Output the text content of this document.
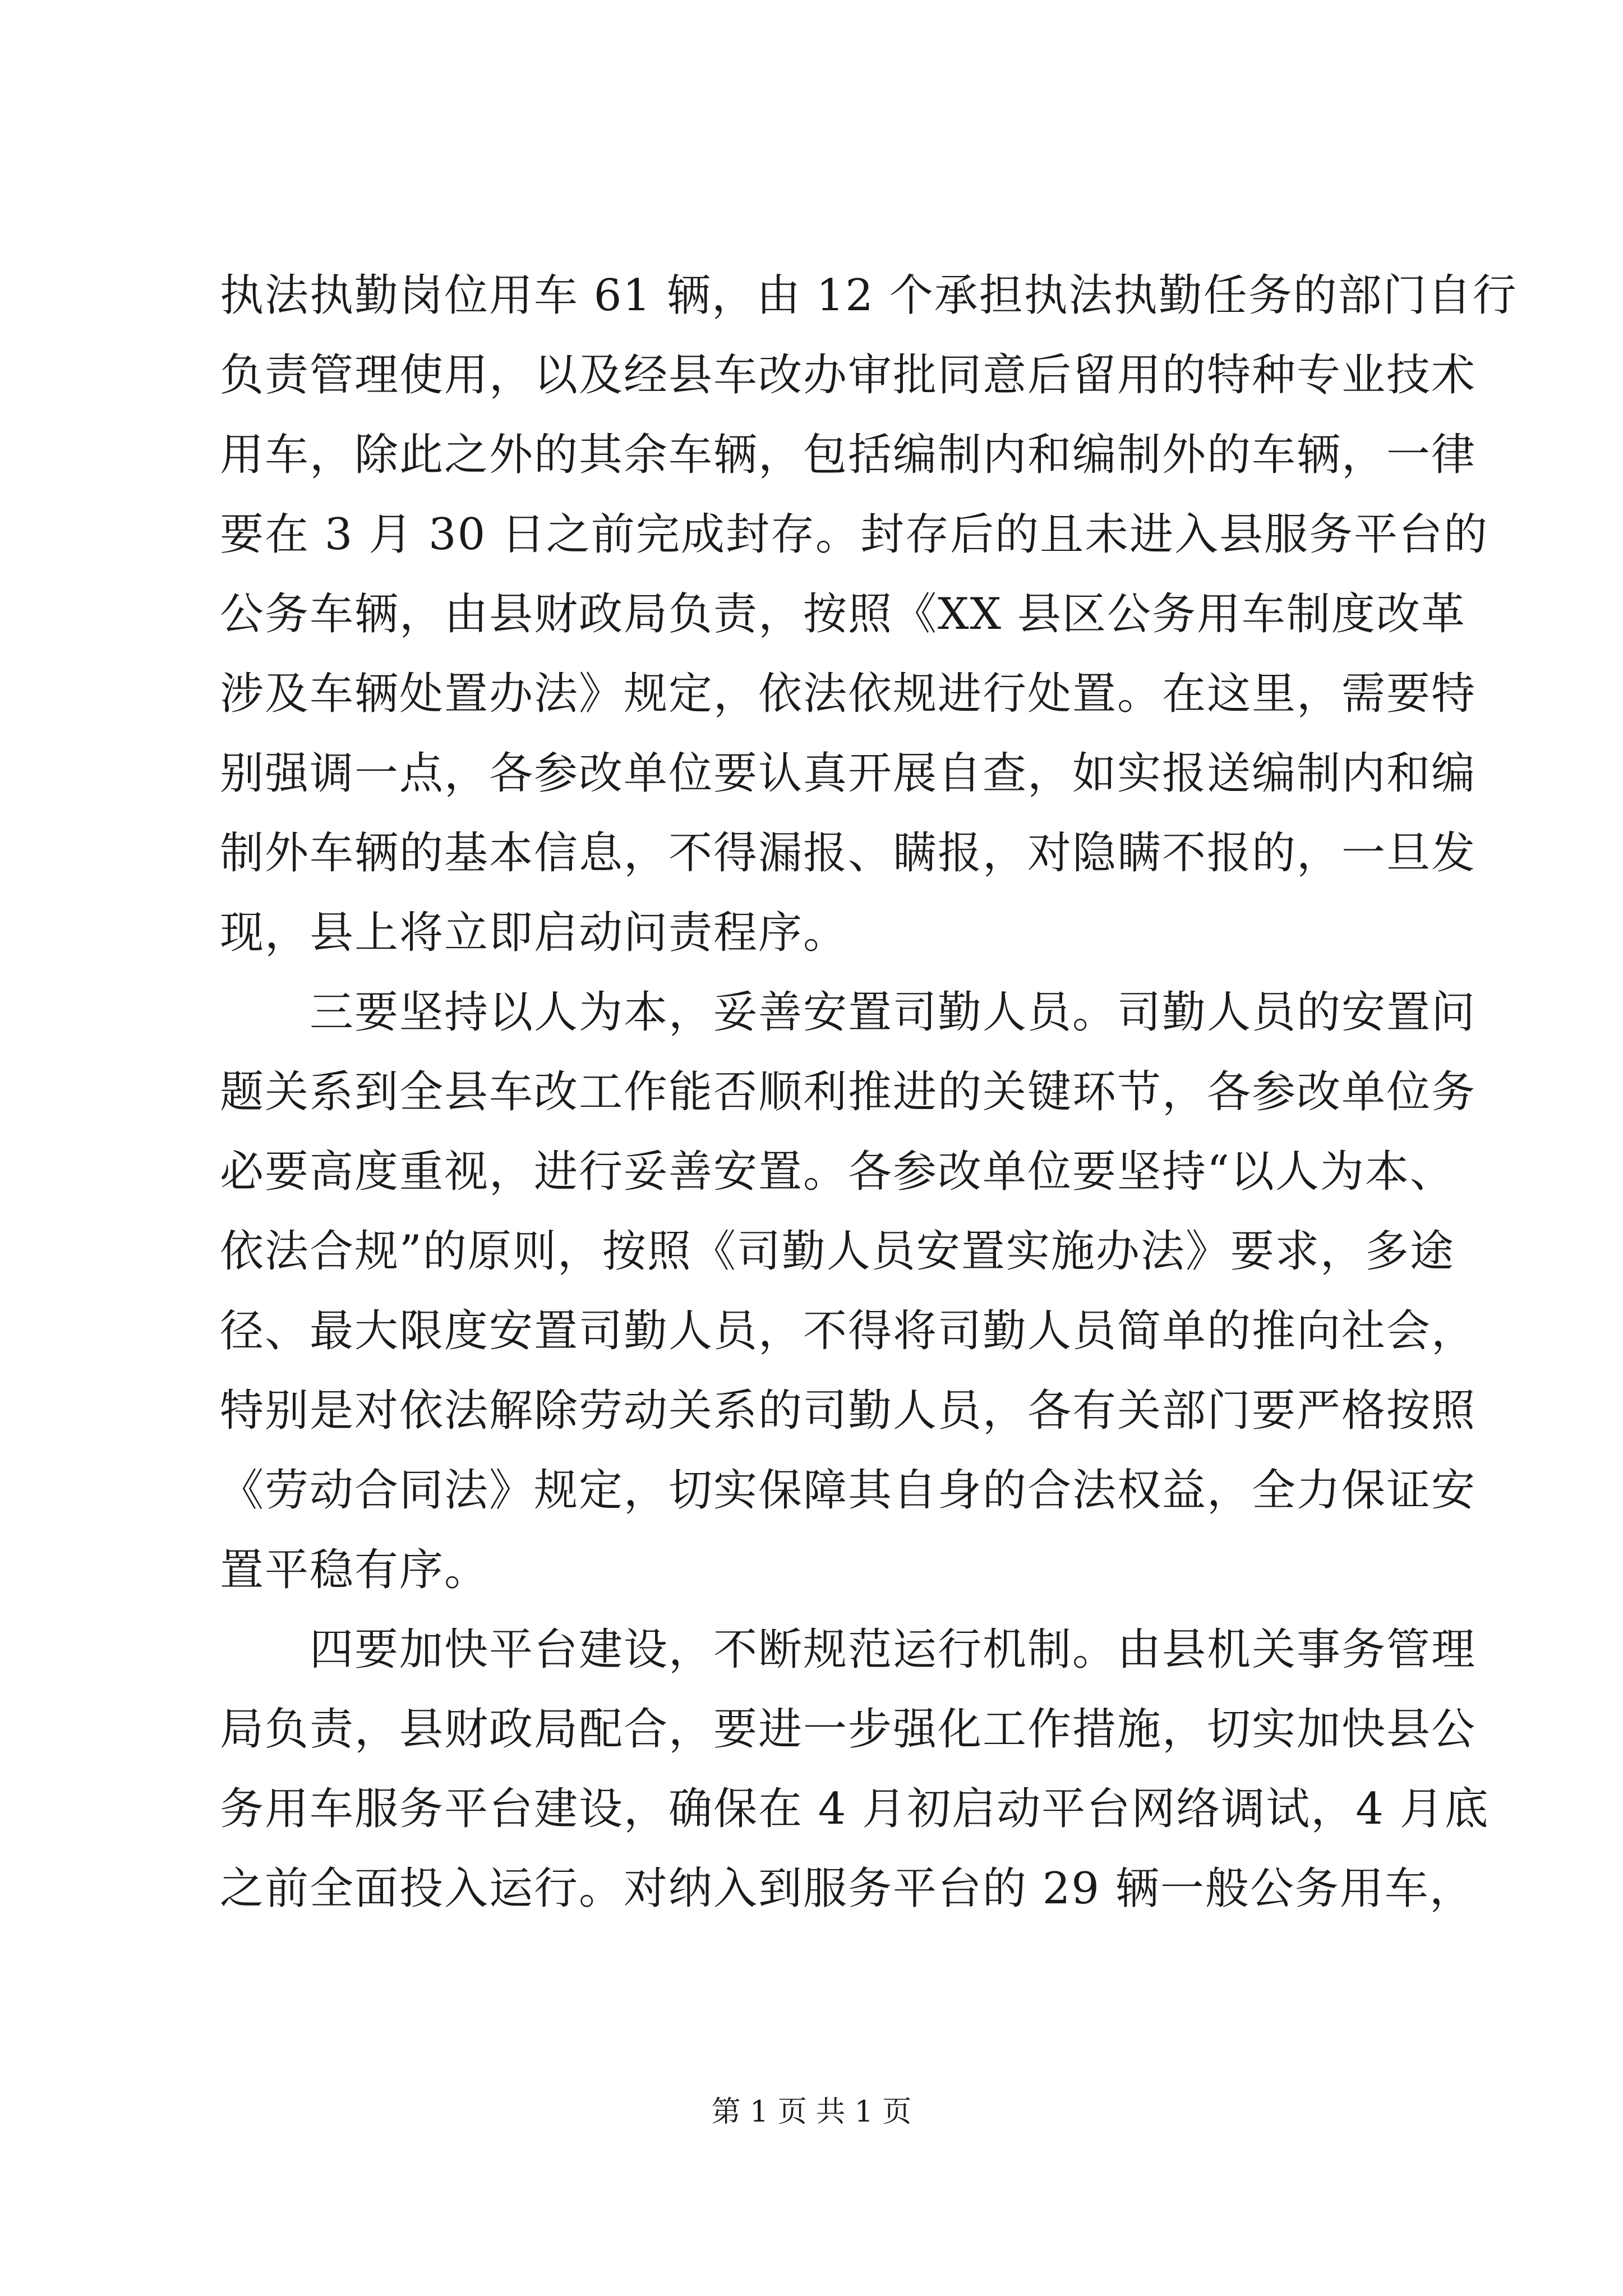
执法执勤岗位用车 61 辆，由 12 个承担执法执勤任务的部门自行
负责管理使用，以及经县车改办审批同意后留用的特种专业技术
用车，除此之外的其余车辆，包括编制内和编制外的车辆，一律
要在 3 月 30 日之前完成封存。封存后的且未进入县服务平台的
公务车辆，由县财政局负责，按照《XX 县区公务用车制度改革
涉及车辆处置办法》规定，依法依规进行处置。在这里，需要特
别强调一点，各参改单位要认真开展自查，如实报送编制内和编
制外车辆的基本信息，不得漏报、瞒报，对隐瞒不报的，一旦发
现，县上将立即启动问责程序。
　　三要坚持以人为本，妥善安置司勤人员。司勤人员的安置问
题关系到全县车改工作能否顺利推进的关键环节，各参改单位务
必要高度重视，进行妥善安置。各参改单位要坚持“以人为本、
依法合规”的原则，按照《司勤人员安置实施办法》要求，多途
径、最大限度安置司勤人员，不得将司勤人员简单的推向社会，
特别是对依法解除劳动关系的司勤人员，各有关部门要严格按照
《劳动合同法》规定，切实保障其自身的合法权益，全力保证安
置平稳有序。
　　四要加快平台建设，不断规范运行机制。由县机关事务管理
局负责，县财政局配合，要进一步强化工作措施，切实加快县公
务用车服务平台建设，确保在 4 月初启动平台网络调试，4 月底
之前全面投入运行。对纳入到服务平台的 29 辆一般公务用车，
第 1 页 共 1 页
